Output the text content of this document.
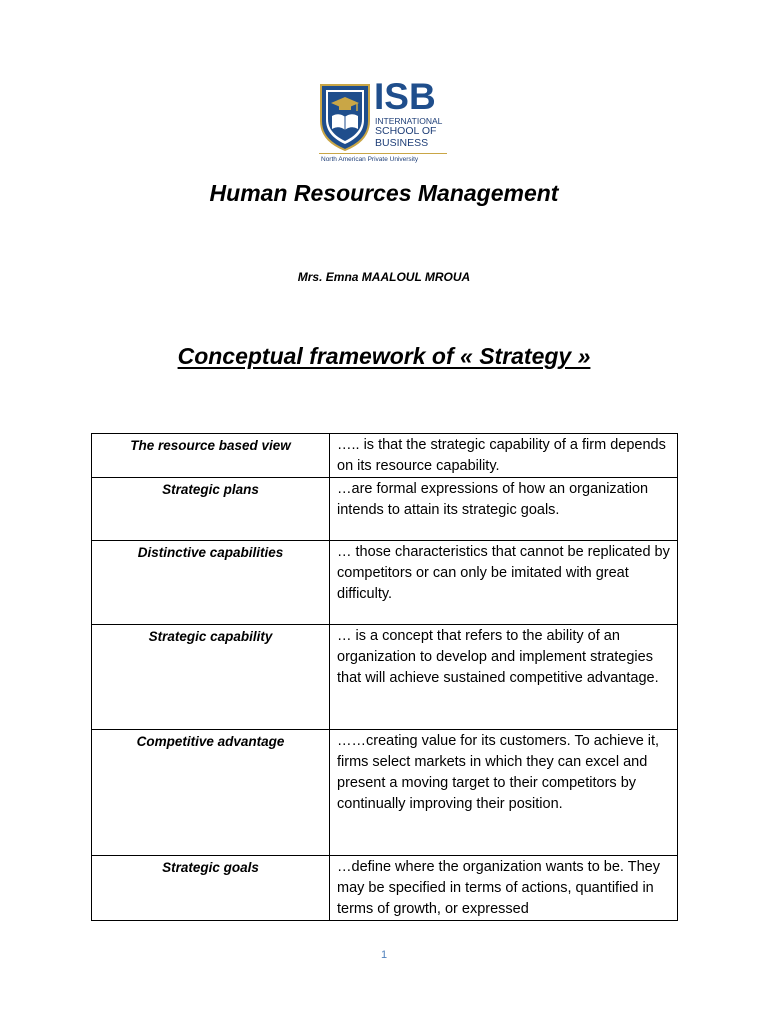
ISB
INTERNATIONAL
SCHOOL OF
BUSINESS
North American Private University
Human Resources Management
Mrs. Emna MAALOUL MROUA
Conceptual framework of « Strategy »
The resource based view	….. is that the strategic capability of a firm depends on its resource capability.
Strategic plans	…are formal expressions of how an organization intends to attain its strategic goals.
Distinctive capabilities	… those characteristics that cannot be replicated by competitors or can only be imitated with great difficulty.
Strategic capability	… is a concept that refers to the ability of an organization to develop and implement strategies that will achieve sustained competitive advantage.
Competitive advantage	……creating value for its customers. To achieve it, firms select markets in which they can excel and present a moving target to their competitors by continually improving their position.
Strategic goals	…define where the organization wants to be. They may be specified in terms of actions, quantified in terms of growth, or expressed
1
